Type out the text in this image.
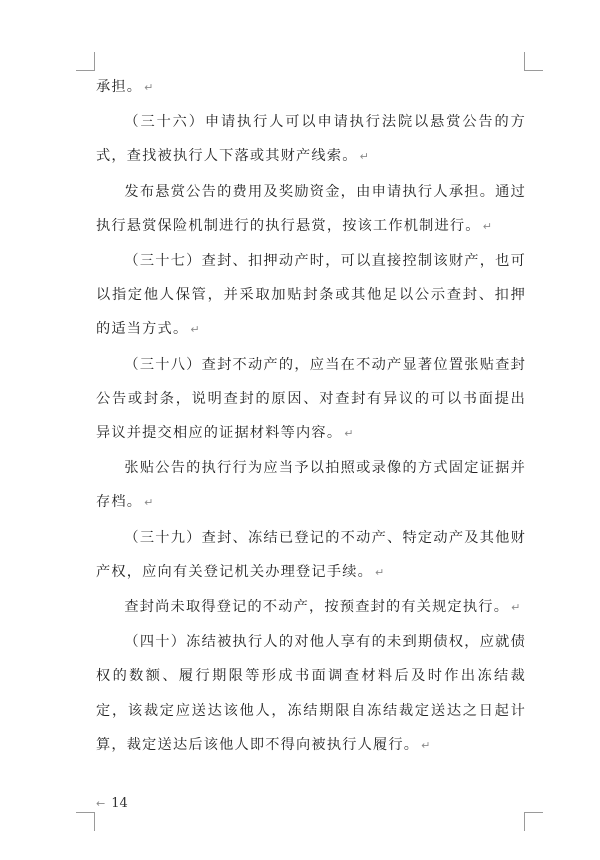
承担。 ↵

（三十六）申请执行人可以申请执行法院以悬赏公告的方式，查找被执行人下落或其财产线索。 ↵

发布悬赏公告的费用及奖励资金，由申请执行人承担。通过执行悬赏保险机制进行的执行悬赏，按该工作机制进行。 ↵

（三十七）查封、扣押动产时，可以直接控制该财产，也可以指定他人保管，并采取加贴封条或其他足以公示查封、扣押的适当方式。 ↵

（三十八）查封不动产的，应当在不动产显著位置张贴查封公告或封条，说明查封的原因、对查封有异议的可以书面提出异议并提交相应的证据材料等内容。 ↵

张贴公告的执行行为应当予以拍照或录像的方式固定证据并存档。 ↵

（三十九）查封、冻结已登记的不动产、特定动产及其他财产权，应向有关登记机关办理登记手续。 ↵

查封尚未取得登记的不动产，按预查封的有关规定执行。 ↵

（四十）冻结被执行人的对他人享有的未到期债权，应就债权的数额、履行期限等形成书面调查材料后及时作出冻结裁定，该裁定应送达该他人，冻结期限自冻结裁定送达之日起计算，裁定送达后该他人即不得向被执行人履行。 ↵

← 14
